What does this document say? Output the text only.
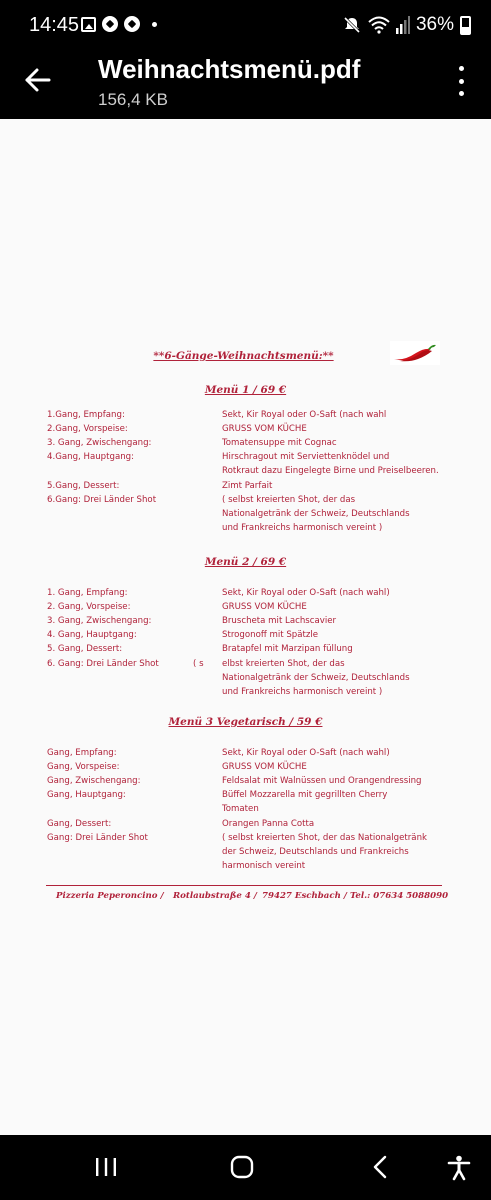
14:45	36%
Weihnachtsmenü.pdf
156,4 KB
**6-Gänge-Weihnachtsmenü:**
Menü 1 / 69 €
1.Gang, Empfang:	Sekt, Kir Royal oder O-Saft (nach wahl
2.Gang, Vorspeise:	GRUSS VOM KÜCHE
3. Gang, Zwischengang:	Tomatensuppe mit Cognac
4.Gang, Hauptgang:	Hirschragout mit Serviettenknödel und
Rotkraut dazu Eingelegte Birne und Preiselbeeren.
5.Gang, Dessert:	Zimt Parfait
6.Gang: Drei Länder Shot	( selbst kreierten Shot, der das
Nationalgetränk der Schweiz, Deutschlands
und Frankreichs harmonisch vereint )
Menü 2 / 69 €
1. Gang, Empfang:	Sekt, Kir Royal oder O-Saft (nach wahl)
2. Gang, Vorspeise:	GRUSS VOM KÜCHE
3. Gang, Zwischengang:	Bruscheta mit Lachscavier
4. Gang, Hauptgang:	Strogonoff mit Spätzle
5. Gang, Dessert:	Bratapfel mit Marzipan füllung
6. Gang: Drei Länder Shot	( s elbst kreierten Shot, der das
Nationalgetränk der Schweiz, Deutschlands
und Frankreichs harmonisch vereint )
Menü 3 Vegetarisch / 59 €
Gang, Empfang:	Sekt, Kir Royal oder O-Saft (nach wahl)
Gang, Vorspeise:	GRUSS VOM KÜCHE
Gang, Zwischengang:	Feldsalat mit Walnüssen und Orangendressing
Gang, Hauptgang:	Büffel Mozzarella mit gegrillten Cherry
Tomaten
Gang, Dessert:	Orangen Panna Cotta
Gang: Drei Länder Shot	( selbst kreierten Shot, der das Nationalgetränk
der Schweiz, Deutschlands und Frankreichs
harmonisch vereint
Pizzeria Peperoncino / Rotlaubstraße 4 / 79427 Eschbach / Tel.: 07634 5088090
